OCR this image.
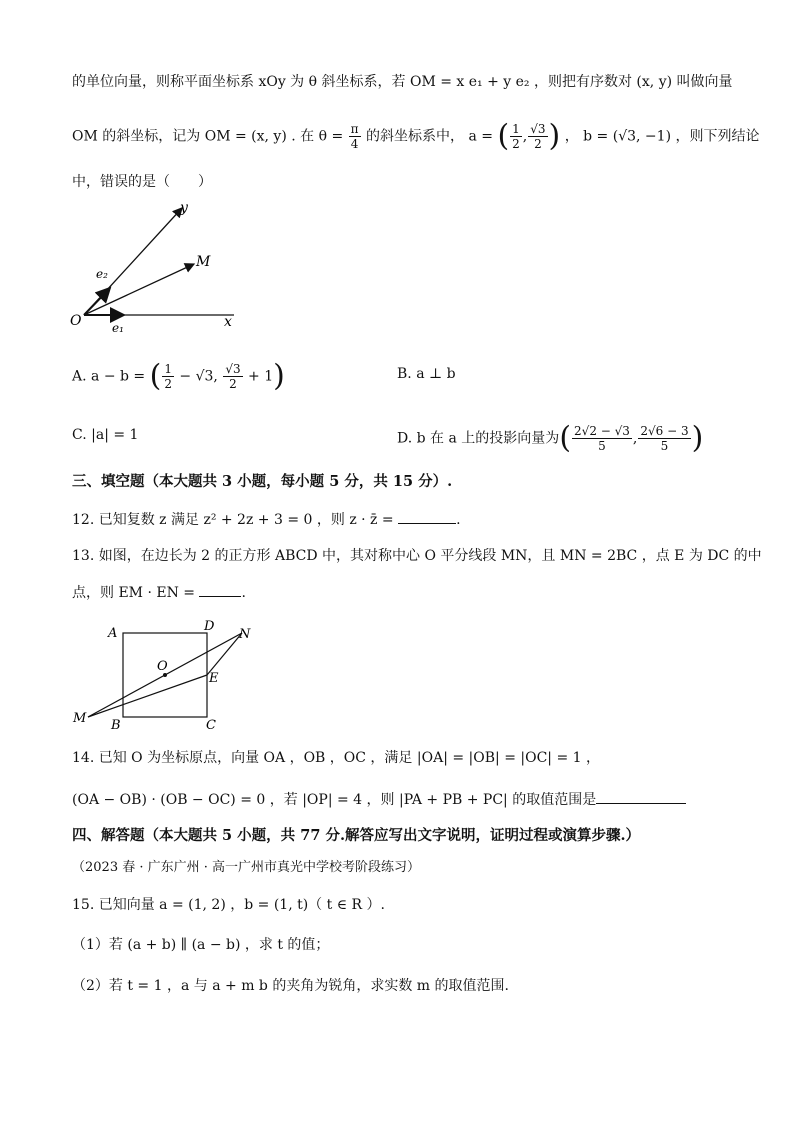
的单位向量，则称平面坐标系 xOy 为 θ 斜坐标系，若 OM = x e₁ + y e₂ ，则把有序数对 (x, y) 叫做向量
OM 的斜坐标，记为 OM = (x, y) . 在 $\theta = \frac{\pi}{4}$ 的斜坐标系中， a = ( $\frac{1}{2}$ , $\frac{√3}{2}$ ) ， b = (√3, −1) ，则下列结论
中，错误的是（　　）
y
M
O	x
e₁
e₂
A. a − b = ( $\frac{1}{2} - √3$, $\frac{√3}{2} + 1$)	B. a ⊥ b
C. |a| = 1	D. b 在 a 上的投影向量为( $\frac{2√2 - √3}{5}$ , $\frac{2√6 - 3}{5}$ )
三、填空题（本大题共 3 小题，每小题 5 分，共 15 分）.
12. 已知复数 z 满足 z² + 2z + 3 = 0 ，则 z · z̄ =	.
13. 如图，在边长为 2 的正方形 ABCD 中，其对称中心 O 平分线段 MN，且 MN = 2BC ，点 E 为 DC 的中
点，则 EM · EN =	.
A	D
N
O
E
M B	C
14. 已知 O 为坐标原点，向量 OA ，OB ，OC ，满足 |OA| = |OB| = |OC| = 1 ，
(OA − OB) · (OB − OC) = 0 ，若 |OP| = 4 ，则 |PA + PB + PC| 的取值范围是
四、解答题（本大题共 5 小题，共 77 分.解答应写出文字说明，证明过程或演算步骤.）
（2023 春 · 广东广州 · 高一广州市真光中学校考阶段练习）
15. 已知向量 a = (1, 2) ，b = (1, t)（ t ∈ R ）.
（1）若 (a + b) ∥ (a − b) ，求 t 的值；
（2）若 t = 1 ，a 与 a + m b 的夹角为锐角，求实数 m 的取值范围.
